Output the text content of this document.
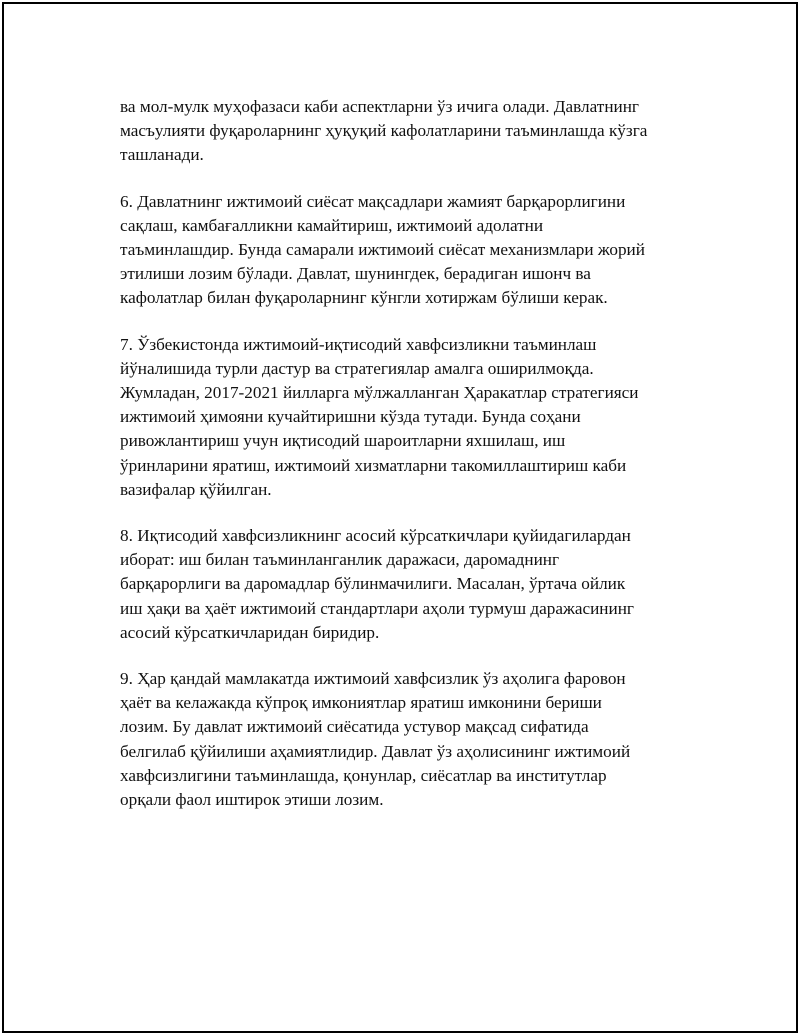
ва мол-мулк муҳофазаси каби аспектларни ўз ичига олади. Давлатнинг
масъулияти фуқароларнинг ҳуқуқий кафолатларини таъминлашда кўзга
ташланади.

6. Давлатнинг ижтимоий сиёсат мақсадлари жамият барқарорлигини
сақлаш, камбағалликни камайтириш, ижтимоий адолатни
таъминлашдир. Бунда самарали ижтимоий сиёсат механизмлари жорий
этилиши лозим бўлади. Давлат, шунингдек, берадиган ишонч ва
кафолатлар билан фуқароларнинг кўнгли хотиржам бўлиши керак.

7. Ўзбекистонда ижтимоий-иқтисодий хавфсизликни таъминлаш
йўналишида турли дастур ва стратегиялар амалга оширилмоқда.
Жумладан, 2017-2021 йилларга мўлжалланган Ҳаракатлар стратегияси
ижтимоий ҳимояни кучайтиришни кўзда тутади. Бунда соҳани
ривожлантириш учун иқтисодий шароитларни яхшилаш, иш
ўринларини яратиш, ижтимоий хизматларни такомиллаштириш каби
вазифалар қўйилган.

8. Иқтисодий хавфсизликнинг асосий кўрсаткичлари қуйидагилардан
иборат: иш билан таъминланганлик даражаси, даромаднинг
барқарорлиги ва даромадлар бўлинмачилиги. Масалан, ўртача ойлик
иш ҳақи ва ҳаёт ижтимоий стандартлари аҳоли турмуш даражасининг
асосий кўрсаткичларидан биридир.

9. Ҳар қандай мамлакатда ижтимоий хавфсизлик ўз аҳолига фаровон
ҳаёт ва келажакда кўпроқ имкониятлар яратиш имконини бериши
лозим. Бу давлат ижтимоий сиёсатида устувор мақсад сифатида
белгилаб қўйилиши аҳамиятлидир. Давлат ўз аҳолисининг ижтимоий
хавфсизлигини таъминлашда, қонунлар, сиёсатлар ва институтлар
орқали фаол иштирок этиши лозим.
